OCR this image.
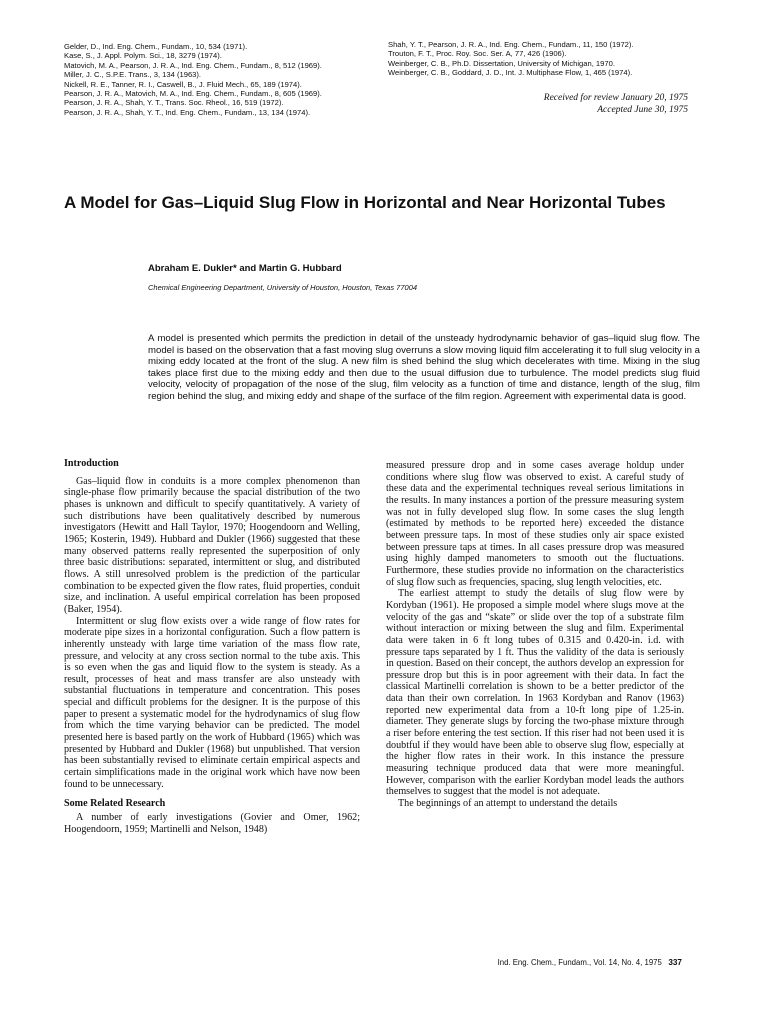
Gelder, D., Ind. Eng. Chem., Fundam., 10, 534 (1971).
Kase, S., J. Appl. Polym. Sci., 18, 3279 (1974).
Matovich, M. A., Pearson, J. R. A., Ind. Eng. Chem., Fundam., 8, 512 (1969).
Miller, J. C., S.P.E. Trans., 3, 134 (1963).
Nickell, R. E., Tanner, R. I., Caswell, B., J. Fluid Mech., 65, 189 (1974).
Pearson, J. R. A., Matovich, M. A., Ind. Eng. Chem., Fundam., 8, 605 (1969).
Pearson, J. R. A., Shah, Y. T., Trans. Soc. Rheol., 16, 519 (1972).
Pearson, J. R. A., Shah, Y. T., Ind. Eng. Chem., Fundam., 13, 134 (1974).
Shah, Y. T., Pearson, J. R. A., Ind. Eng. Chem., Fundam., 11, 150 (1972).
Trouton, F. T., Proc. Roy. Soc. Ser. A, 77, 426 (1906).
Weinberger, C. B., Ph.D. Dissertation, University of Michigan, 1970.
Weinberger, C. B., Goddard, J. D., Int. J. Multiphase Flow, 1, 465 (1974).
Received for review January 20, 1975
Accepted June 30, 1975
A Model for Gas–Liquid Slug Flow in Horizontal and Near Horizontal Tubes
Abraham E. Dukler* and Martin G. Hubbard
Chemical Engineering Department, University of Houston, Houston, Texas 77004
A model is presented which permits the prediction in detail of the unsteady hydrodynamic behavior of gas–liquid slug flow. The model is based on the observation that a fast moving slug overruns a slow moving liquid film accelerating it to full slug velocity in a mixing eddy located at the front of the slug. A new film is shed behind the slug which decelerates with time. Mixing in the slug takes place first due to the mixing eddy and then due to the usual diffusion due to turbulence. The model predicts slug fluid velocity, velocity of propagation of the nose of the slug, film velocity as a function of time and distance, length of the slug, film region behind the slug, and mixing eddy and shape of the surface of the film region. Agreement with experimental data is good.
Introduction

Gas–liquid flow in conduits is a more complex phenomenon than single-phase flow primarily because the spacial distribution of the two phases is unknown and difficult to specify quantitatively. A variety of such distributions have been qualitatively described by numerous investigators (Hewitt and Hall Taylor, 1970; Hoogendoorn and Welling, 1965; Kosterin, 1949). Hubbard and Dukler (1966) suggested that these many observed patterns really represented the superposition of only three basic distributions: separated, intermittent or slug, and distributed flows. A still unresolved problem is the prediction of the particular combination to be expected given the flow rates, fluid properties, conduit size, and inclination. A useful empirical correlation has been proposed (Baker, 1954).

Intermittent or slug flow exists over a wide range of flow rates for moderate pipe sizes in a horizontal configuration. Such a flow pattern is inherently unsteady with large time variation of the mass flow rate, pressure, and velocity at any cross section normal to the tube axis. This is so even when the gas and liquid flow to the system is steady. As a result, processes of heat and mass transfer are also unsteady with substantial fluctuations in temperature and concentration. This poses special and difficult problems for the designer. It is the purpose of this paper to present a systematic model for the hydrodynamics of slug flow from which the time varying behavior can be predicted. The model presented here is based partly on the work of Hubbard (1965) which was presented by Hubbard and Dukler (1968) but unpublished. That version has been substantially revised to eliminate certain empirical aspects and certain simplifications made in the original work which have now been found to be unnecessary.

Some Related Research

A number of early investigations (Govier and Omer, 1962; Hoogendoorn, 1959; Martinelli and Nelson, 1948)

measured pressure drop and in some cases average holdup under conditions where slug flow was observed to exist. A careful study of these data and the experimental techniques reveal serious limitations in the results. In many instances a portion of the pressure measuring system was not in fully developed slug flow. In some cases the slug length (estimated by methods to be reported here) exceeded the distance between pressure taps. In most of these studies only air space existed between pressure taps at times. In all cases pressure drop was measured using highly damped manometers to smooth out the fluctuations. Furthermore, these studies provide no information on the characteristics of slug flow such as frequencies, spacing, slug length velocities, etc.

The earliest attempt to study the details of slug flow were by Kordyban (1961). He proposed a simple model where slugs move at the velocity of the gas and “skate” or slide over the top of a substrate film without interaction or mixing between the slug and film. Experimental data were taken in 6 ft long tubes of 0.315 and 0.420-in. i.d. with pressure taps separated by 1 ft. Thus the validity of the data is seriously in question. Based on their concept, the authors develop an expression for pressure drop but this is in poor agreement with their data. In fact the classical Martinelli correlation is shown to be a better predictor of the data than their own correlation. In 1963 Kordyban and Ranov (1963) reported new experimental data from a 10-ft long pipe of 1.25-in. diameter. They generate slugs by forcing the two-phase mixture through a riser before entering the test section. If this riser had not been used it is doubtful if they would have been able to observe slug flow, especially at the higher flow rates in their work. In this instance the pressure measuring technique produced data that were more meaningful. However, comparison with the earlier Kordyban model leads the authors themselves to suggest that the model is not adequate.

The beginnings of an attempt to understand the details

Ind. Eng. Chem., Fundam., Vol. 14, No. 4, 1975 337
